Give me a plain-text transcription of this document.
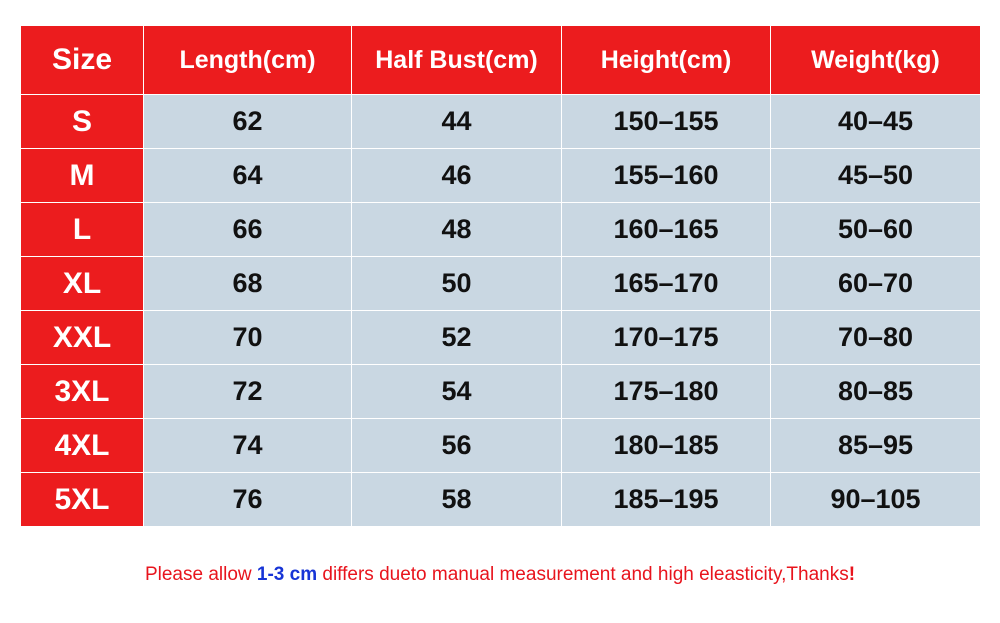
Size	Length(cm)	Half Bust(cm)	Height(cm)	Weight(kg)
S	62	44	150–155	40–45
M	64	46	155–160	45–50
L	66	48	160–165	50–60
XL	68	50	165–170	60–70
XXL	70	52	170–175	70–80
3XL	72	54	175–180	80–85
4XL	74	56	180–185	85–95
5XL	76	58	185–195	90–105
Please allow 1-3 cm differs dueto manual measurement and high eleasticity,Thanks!
